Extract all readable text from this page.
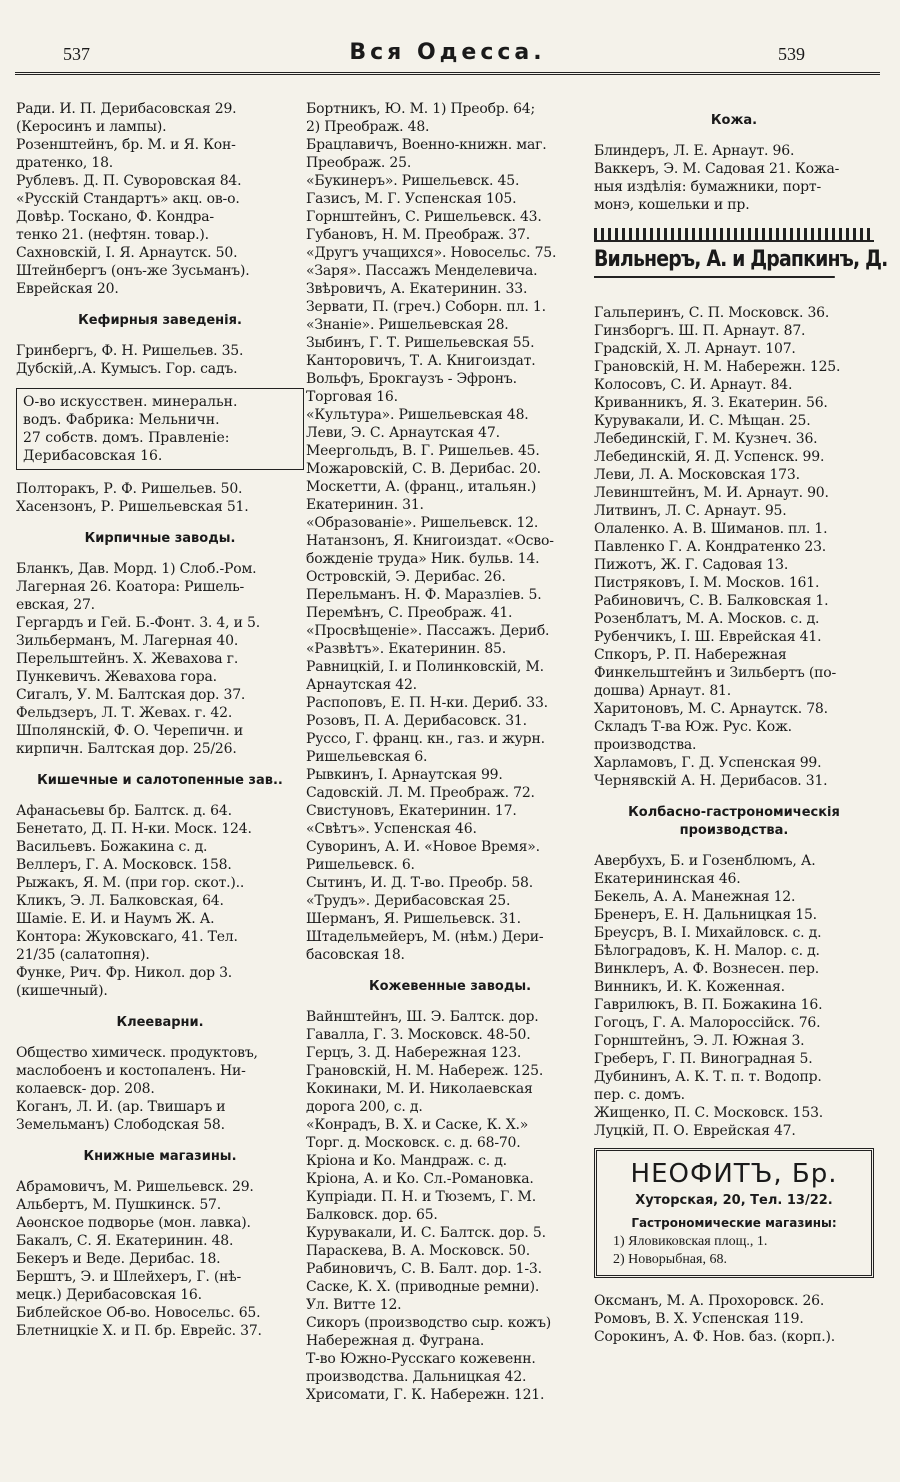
537	Вся Одесса.	539
Ради. И. П. Дерибасовская 29.
(Керосинъ и лампы).
Розенштейнъ, бр. М. и Я. Кон-
дратенко, 18.
Рублевъ. Д. П. Суворовская 84.
«Русскій Стандартъ» акц. ов-о.
Довѣр. Тоскано, Ф. Кондра-
тенко 21. (нефтян. товар.).
Сахновскій, I. Я. Арнаутск. 50.
Штейнбергъ (онъ-же Зусьманъ).
Еврейская 20.
Кефирныя заведенія.
Гринбергъ, Ф. Н. Ришельев. 35.
Дубскій,.А. Кумысъ. Гор. садъ.
О-во искусствен. минеральн.
водъ. Фабрика: Мельничн.
27 собств. домъ. Правленіе:
Дерибасовская 16.
Полторакъ, Р. Ф. Ришельев. 50.
Хасензонъ, Р. Ришельевская 51.
Кирпичные заводы.
Бланкъ, Дав. Морд. 1) Слоб.-Ром.
Лагерная 26. Коатора: Ришель-
евская, 27.
Гергардъ и Гей. Б.-Фонт. 3. 4, и 5.
Зильберманъ, М. Лагерная 40.
Перельштейнъ. Х. Жевахова г.
Пункевичъ. Жевахова гора.
Сигалъ, У. М. Балтская дор. 37.
Фельдзеръ, Л. Т. Жевах. г. 42.
Шполянскій, Ф. О. Черепичн. и
кирпичн. Балтская дор. 25/26.
Кишечные и салотопенные зав..
Афанасьевы бр. Балтск. д. 64.
Бенетато, Д. П. Н-ки. Моск. 124.
Васильевъ. Божакина с. д.
Веллеръ, Г. А. Московск. 158.
Рыжакъ, Я. М. (при гор. скот.)..
Кликъ, Э. Л. Балковская, 64.
Шаміе. Е. И. и Наумъ Ж. А.
Контора: Жуковскаго, 41. Тел.
21/35 (салатопня).
Функе, Рич. Фр. Никол. дор 3.
(кишечный).
Клееварни.
Общество химическ. продуктовъ,
маслобоенъ и костопаленъ. Ни-
колаевск- дор. 208.
Коганъ, Л. И. (ар. Твишаръ и
Земельманъ) Слободская 58.
Книжные магазины.
Абрамовичъ, М. Ришельевск. 29.
Альбертъ, М. Пушкинск. 57.
Аѳонское подворье (мон. лавка).
Бакалъ, С. Я. Екатеринин. 48.
Бекеръ и Веде. Дерибас. 18.
Берштъ, Э. и Шлейхеръ, Г. (нѣ-
мецк.) Дерибасовская 16.
Библейское Об-во. Новосельс. 65.
Блетницкіе Х. и П. бр. Еврейс. 37.
Бортникъ, Ю. М. 1) Преобр. 64;
2) Преображ. 48.
Брацлавичъ, Военно-книжн. маг.
Преображ. 25.
«Букинеръ». Ришельевск. 45.
Газисъ, М. Г. Успенская 105.
Горнштейнъ, С. Ришельевск. 43.
Губановъ, Н. М. Преображ. 37.
«Другъ учащихся». Новосельс. 75.
«Заря». Пассажъ Менделевича.
Звѣровичъ, А. Екатеринин. 33.
Зервати, П. (греч.) Соборн. пл. 1.
«Знаніе». Ришельевская 28.
Зыбинъ, Г. Т. Ришельевская 55.
Канторовичъ, Т. А. Книгоиздат.
Вольфъ, Брокгаузъ - Эфронъ.
Торговая 16.
«Культура». Ришельевская 48.
Леви, Э. С. Арнаутская 47.
Меергольдъ, В. Г. Ришельев. 45.
Можаровскій, С. В. Дерибас. 20.
Москетти, А. (франц., итальян.)
Екатеринин. 31.
«Образованіе». Ришельевск. 12.
Натанзонъ, Я. Книгоиздат. «Осво-
божденіе труда» Ник. бульв. 14.
Островскій, Э. Дерибас. 26.
Перельманъ. Н. Ф. Маразліев. 5.
Перемѣнъ, С. Преображ. 41.
«Просвѣщеніе». Пассажъ. Дериб.
«Развѣтъ». Екатеринин. 85.
Равницкій, I. и Полинковскій, М.
Арнаутская 42.
Распоповъ, Е. П. Н-ки. Дериб. 33.
Розовъ, П. А. Дерибасовск. 31.
Руссо, Г. франц. кн., газ. и журн.
Ришельевская 6.
Рывкинъ, I. Арнаутская 99.
Садовскій. Л. М. Преображ. 72.
Свистуновъ, Екатеринин. 17.
«Свѣтъ». Успенская 46.
Суворинъ, А. И. «Новое Время».
Ришельевск. 6.
Сытинъ, И. Д. Т-во. Преобр. 58.
«Трудъ». Дерибасовская 25.
Шерманъ, Я. Ришельевск. 31.
Штадельмейеръ, М. (нѣм.) Дери-
басовская 18.
Кожевенные заводы.
Вайнштейнъ, Ш. Э. Балтск. дор.
Гавалла, Г. З. Московск. 48-50.
Герцъ, З. Д. Набережная 123.
Грановскій, Н. М. Набереж. 125.
Кокинаки, М. И. Николаевская
дорога 200, с. д.
«Конрадъ, В. Х. и Саске, К. Х.»
Торг. д. Московск. с. д. 68-70.
Кріона и Ко. Мандраж. с. д.
Кріона, А. и Ко. Сл.-Романовка.
Купріади. П. Н. и Тюземъ, Г. М.
Балковск. дор. 65.
Курувакали, И. С. Балтск. дор. 5.
Параскева, В. А. Московск. 50.
Рабиновичъ, С. В. Балт. дор. 1-3.
Саске, К. Х. (приводные ремни).
Ул. Витте 12.
Сикоръ (производство сыр. кожъ)
Набережная д. Фуграна.
Т-во Южно-Русскаго кожевенн.
производства. Дальницкая 42.
Хрисомати, Г. К. Набережн. 121.
Кожа.
Блиндеръ, Л. Е. Арнаут. 96.
Ваккеръ, Э. М. Садовая 21. Кожа-
ныя издѣлія: бумажники, порт-
монэ, кошельки и пр.
Вильнеръ, А. и Драпкинъ, Д.
Гальперинъ, С. П. Московск. 36.
Гинзборгъ. Ш. П. Арнаут. 87.
Градскій, Х. Л. Арнаут. 107.
Грановскій, Н. М. Набережн. 125.
Колосовъ, С. И. Арнаут. 84.
Криванникъ, Я. З. Екатерин. 56.
Курувакали, И. С. Мѣщан. 25.
Лебединскій, Г. М. Кузнеч. 36.
Лебединскій, Я. Д. Успенск. 99.
Леви, Л. А. Московская 173.
Левинштейнъ, М. И. Арнаут. 90.
Литвинъ, Л. С. Арнаут. 95.
Олаленко. А. В. Шиманов. пл. 1.
Павленко Г. А. Кондратенко 23.
Пижотъ, Ж. Г. Садовая 13.
Пистряковъ, I. М. Москов. 161.
Рабиновичъ, С. В. Балковская 1.
Розенблатъ, М. А. Москов. с. д.
Рубенчикъ, I. Ш. Еврейская 41.
Спкоръ, Р. П. Набережная
Финкельштейнъ и Зильбертъ (по-
дошва) Арнаут. 81.
Харитоновъ, М. С. Арнаутск. 78.
Складъ Т-ва Юж. Рус. Кож.
производства.
Харламовъ, Г. Д. Успенская 99.
Чернявскій А. Н. Дерибасов. 31.
Колбасно-гастрономическія производства.
Авербухъ, Б. и Гозенблюмъ, А.
Екатерининская 46.
Бекель, А. А. Манежная 12.
Бренеръ, Е. Н. Дальницкая 15.
Бреусръ, В. I. Михайловск. с. д.
Бѣлоградовъ, К. Н. Малор. с. д.
Винклеръ, А. Ф. Вознесен. пер.
Винникъ, И. К. Коженная.
Гаврилюкъ, В. П. Божакина 16.
Гогоцъ, Г. А. Малороссійск. 76.
Горнштейнъ, Э. Л. Южная 3.
Греберъ, Г. П. Виноградная 5.
Дубининъ, А. К. Т. п. т. Водопр.
пер. с. домъ.
Жищенко, П. С. Московск. 153.
Луцкій, П. О. Еврейская 47.
НЕОФИТЪ, Бр.
Хуторская, 20, Тел. 13/22.
Гастрономические магазины:
1) Яловиковская площ., 1.
2) Новорыбная, 68.
Оксманъ, М. А. Прохоровск. 26.
Ромовъ, В. Х. Успенская 119.
Сорокинъ, А. Ф. Нов. баз. (корп.).
